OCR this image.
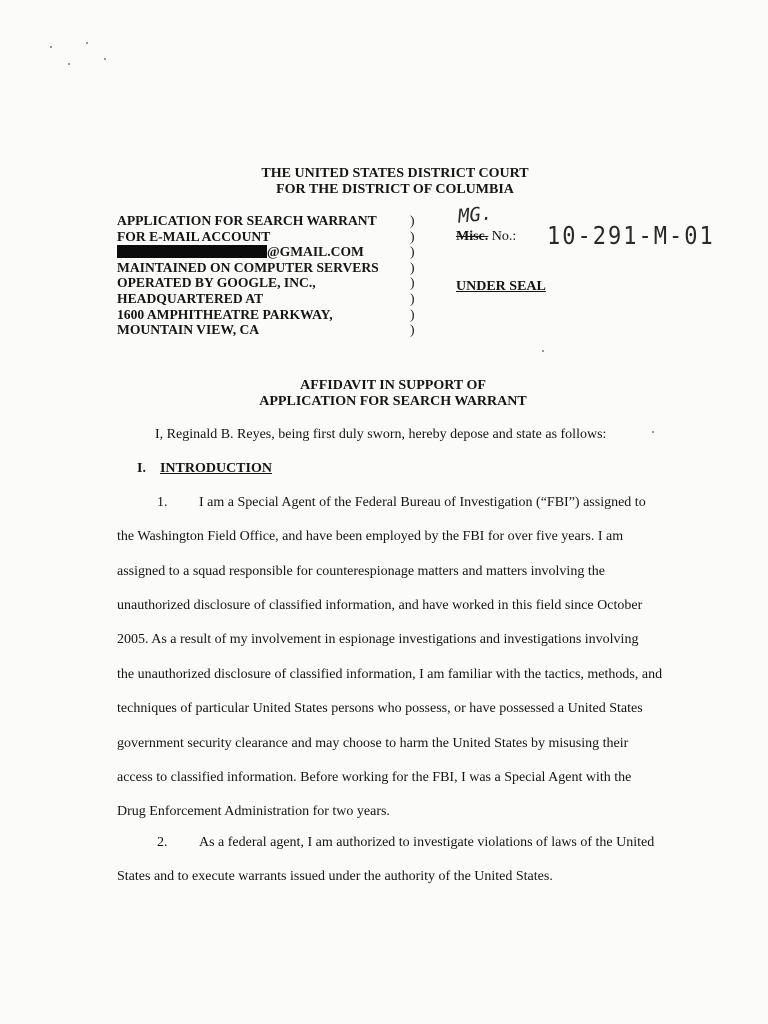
THE UNITED STATES DISTRICT COURT
FOR THE DISTRICT OF COLUMBIA
APPLICATION FOR SEARCH WARRANT
FOR E-MAIL ACCOUNT
@GMAIL.COM
MAINTAINED ON COMPUTER SERVERS
OPERATED BY GOOGLE, INC.,
HEADQUARTERED AT
1600 AMPHITHEATRE PARKWAY,
MOUNTAIN VIEW, CA
)
)
)
)
)
)
)
)
MG.
Misc. No.: 10-291-M-01
UNDER SEAL
AFFIDAVIT IN SUPPORT OF
APPLICATION FOR SEARCH WARRANT
I, Reginald B. Reyes, being first duly sworn, hereby depose and state as follows:
I. INTRODUCTION
1. I am a Special Agent of the Federal Bureau of Investigation (“FBI”) assigned to
the Washington Field Office, and have been employed by the FBI for over five years. I am
assigned to a squad responsible for counterespionage matters and matters involving the
unauthorized disclosure of classified information, and have worked in this field since October
2005. As a result of my involvement in espionage investigations and investigations involving
the unauthorized disclosure of classified information, I am familiar with the tactics, methods, and
techniques of particular United States persons who possess, or have possessed a United States
government security clearance and may choose to harm the United States by misusing their
access to classified information. Before working for the FBI, I was a Special Agent with the
Drug Enforcement Administration for two years.
2. As a federal agent, I am authorized to investigate violations of laws of the United
States and to execute warrants issued under the authority of the United States.
